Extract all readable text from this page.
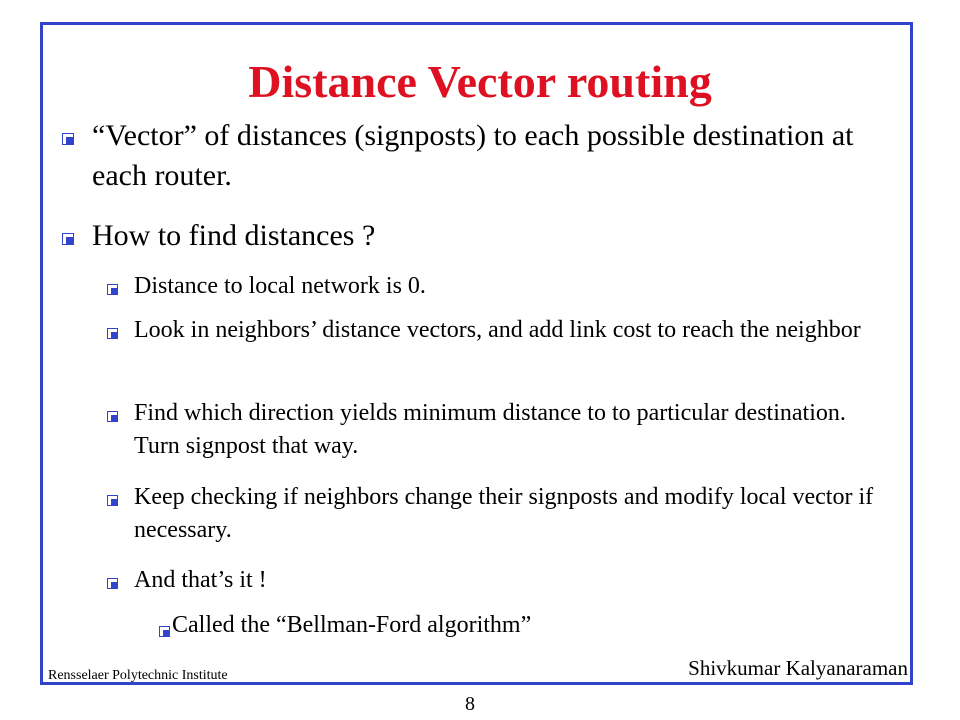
Distance Vector routing
“Vector” of distances (signposts) to each possible destination at each router.
How to find distances ?
Distance to local network is 0.
Look in neighbors’ distance vectors, and add link cost to reach the neighbor
Find which direction yields minimum distance to to particular destination. Turn signpost that way.
Keep checking if neighbors change their signposts and modify local vector if necessary.
And that’s it !
Called the “Bellman-Ford algorithm”
Rensselaer Polytechnic Institute	Shivkumar Kalyanaraman
8
